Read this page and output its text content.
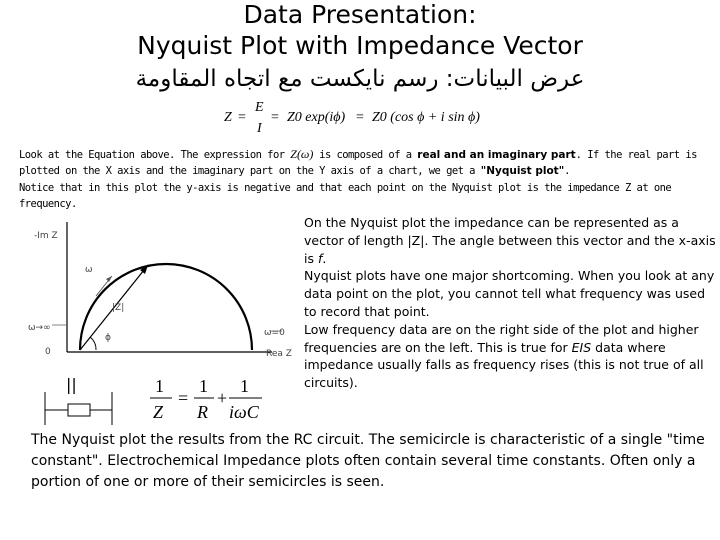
Data Presentation:
Nyquist Plot with Impedance Vector
عرض البيانات: رسم نايكست مع اتجاه المقاومة
Z =
E
I
= Z0 exp(iϕ) = Z0 (cos ϕ + i sin ϕ)
Look at the Equation above. The expression for Z(ω) is composed of a real and an imaginary part. If the real part is
plotted on the X axis and the imaginary part on the Y axis of a chart, we get a "Nyquist plot".
Notice that in this plot the y-axis is negative and that each point on the Nyquist plot is the impedance Z at one
frequency.
-Im Z
Rea Z
0
ω→∞	ω=0
ω
|Z|
ϕ
||	1
Z
=
1
R
+
1
iωC

On the Nyquist plot the impedance can be represented as a vector of length |Z|. The angle between this vector and the x-axis is f.

Nyquist plots have one major shortcoming. When you look at any data point on the plot, you cannot tell what frequency was used to record that point.

Low frequency data are on the right side of the plot and higher frequencies are on the left. This is true for EIS data where impedance usually falls as frequency rises (this is not true of all circuits).

The Nyquist plot the results from the RC circuit. The semicircle is characteristic of a single "time constant". Electrochemical Impedance plots often contain several time constants. Often only a portion of one or more of their semicircles is seen.
